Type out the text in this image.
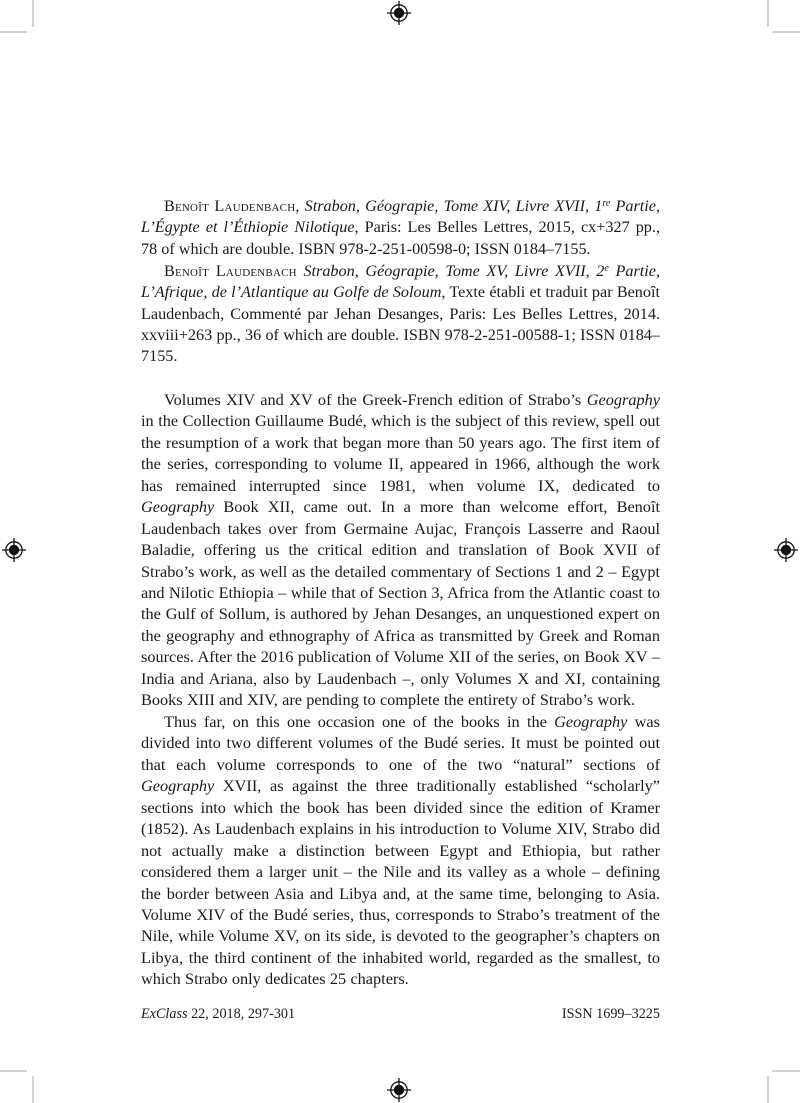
Benoît Laudenbach, Strabon, Géograpie, Tome XIV, Livre XVII, 1re Partie, L’Égypte et l’Éthiopie Nilotique, Paris: Les Belles Lettres, 2015, cx+327 pp., 78 of which are double. ISBN 978-2-251-00598-0; ISSN 0184–7155.

Benoît Laudenbach Strabon, Géograpie, Tome XV, Livre XVII, 2e Partie, L’Afrique, de l’Atlantique au Golfe de Soloum, Texte établi et traduit par Benoît Laudenbach, Commenté par Jehan Desanges, Paris: Les Belles Lettres, 2014. xxviii+263 pp., 36 of which are double. ISBN 978-2-251-00588-1; ISSN 0184–7155.

Volumes XIV and XV of the Greek-French edition of Strabo’s Geography in the Collection Guillaume Budé, which is the subject of this review, spell out the resumption of a work that began more than 50 years ago. The first item of the series, corresponding to volume II, appeared in 1966, although the work has remained interrupted since 1981, when volume IX, dedicated to Geography Book XII, came out. In a more than welcome effort, Benoît Laudenbach takes over from Germaine Aujac, François Lasserre and Raoul Baladie, offering us the critical edition and translation of Book XVII of Strabo’s work, as well as the detailed commentary of Sections 1 and 2 – Egypt and Nilotic Ethiopia – while that of Section 3, Africa from the Atlantic coast to the Gulf of Sollum, is authored by Jehan Desanges, an unquestioned expert on the geography and ethnography of Africa as transmitted by Greek and Roman sources. After the 2016 publication of Volume XII of the series, on Book XV – India and Ariana, also by Laudenbach –, only Volumes X and XI, containing Books XIII and XIV, are pending to complete the entirety of Strabo’s work.

Thus far, on this one occasion one of the books in the Geography was divided into two different volumes of the Budé series. It must be pointed out that each volume corresponds to one of the two “natural” sections of Geography XVII, as against the three traditionally established “scholarly” sections into which the book has been divided since the edition of Kramer (1852). As Laudenbach explains in his introduction to Volume XIV, Strabo did not actually make a distinction between Egypt and Ethiopia, but rather considered them a larger unit – the Nile and its valley as a whole – defining the border between Asia and Libya and, at the same time, belonging to Asia. Volume XIV of the Budé series, thus, corresponds to Strabo’s treatment of the Nile, while Volume XV, on its side, is devoted to the geographer’s chapters on Libya, the third continent of the inhabited world, regarded as the smallest, to which Strabo only dedicates 25 chapters.

ExClass 22, 2018, 297-301	ISSN 1699–3225
